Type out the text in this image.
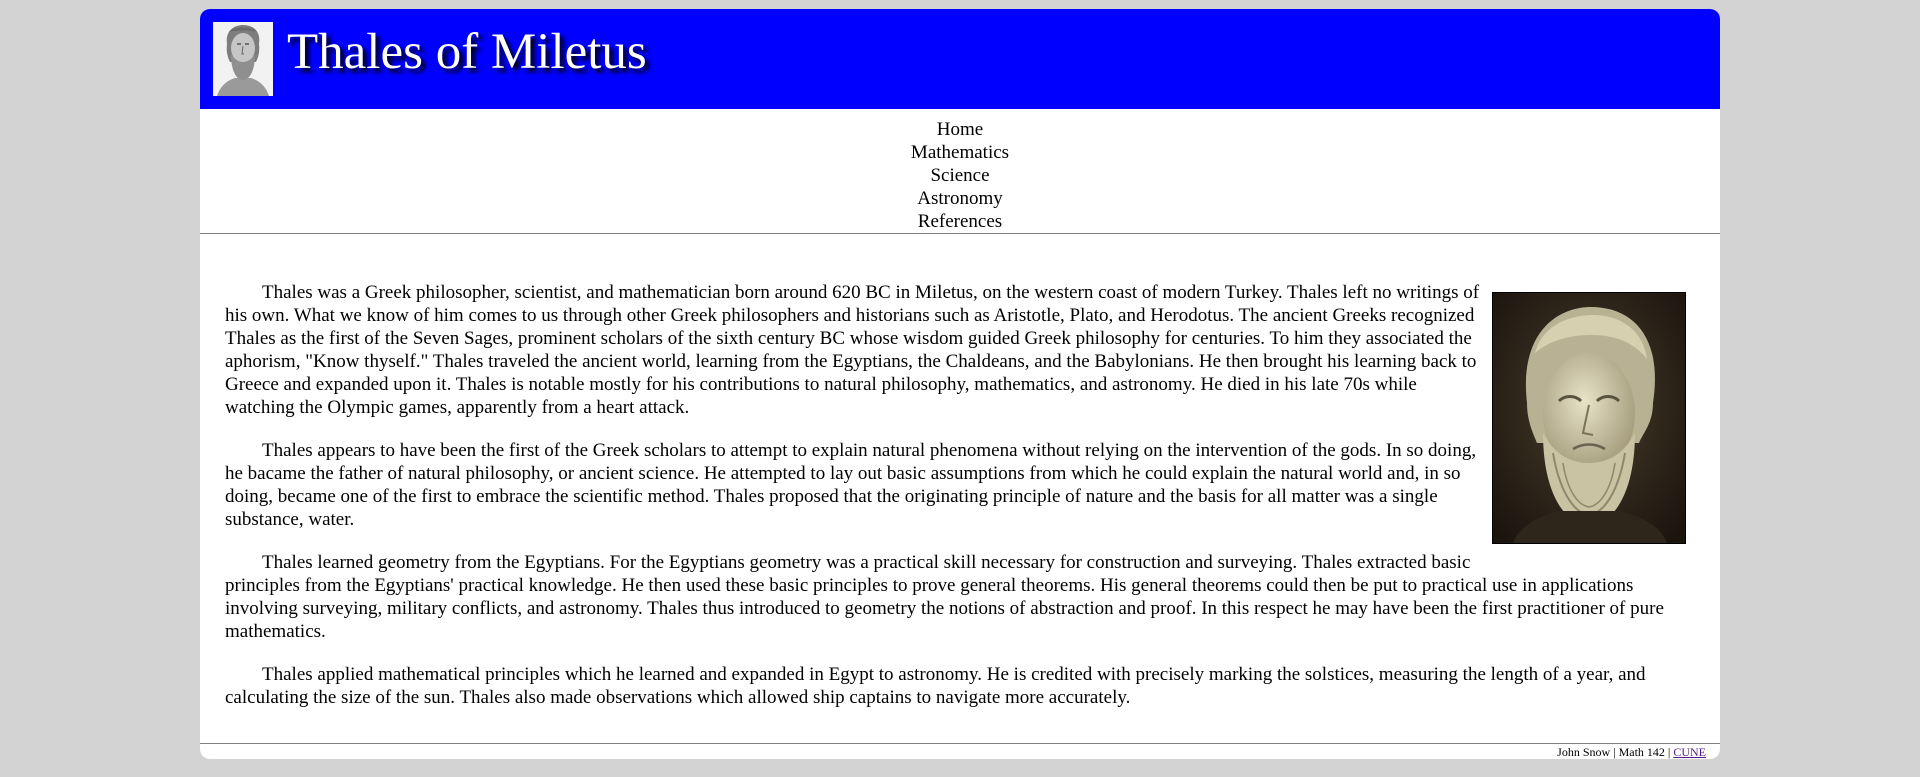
Thales of Miletus
Home
Mathematics
Science
Astronomy
References

Thales was a Greek philosopher, scientist, and mathematician born around 620 BC in Miletus, on the western coast of modern Turkey. Thales left no writings of his own. What we know of him comes to us through other Greek philosophers and historians such as Aristotle, Plato, and Herodotus. The ancient Greeks recognized Thales as the first of the Seven Sages, prominent scholars of the sixth century BC whose wisdom guided Greek philosophy for centuries. To him they associated the aphorism, "Know thyself." Thales traveled the ancient world, learning from the Egyptians, the Chaldeans, and the Babylonians. He then brought his learning back to Greece and expanded upon it. Thales is notable mostly for his contributions to natural philosophy, mathematics, and astronomy. He died in his late 70s while watching the Olympic games, apparently from a heart attack.

Thales appears to have been the first of the Greek scholars to attempt to explain natural phenomena without relying on the intervention of the gods. In so doing, he bacame the father of natural philosophy, or ancient science. He attempted to lay out basic assumptions from which he could explain the natural world and, in so doing, became one of the first to embrace the scientific method. Thales proposed that the originating principle of nature and the basis for all matter was a single substance, water.

Thales learned geometry from the Egyptians. For the Egyptians geometry was a practical skill necessary for construction and surveying. Thales extracted basic principles from the Egyptians' practical knowledge. He then used these basic principles to prove general theorems. His general theorems could then be put to practical use in applications involving surveying, military conflicts, and astronomy. Thales thus introduced to geometry the notions of abstraction and proof. In this respect he may have been the first practitioner of pure mathematics.

Thales applied mathematical principles which he learned and expanded in Egypt to astronomy. He is credited with precisely marking the solstices, measuring the length of a year, and calculating the size of the sun. Thales also made observations which allowed ship captains to navigate more accurately.

John Snow | Math 142 | CUNE
